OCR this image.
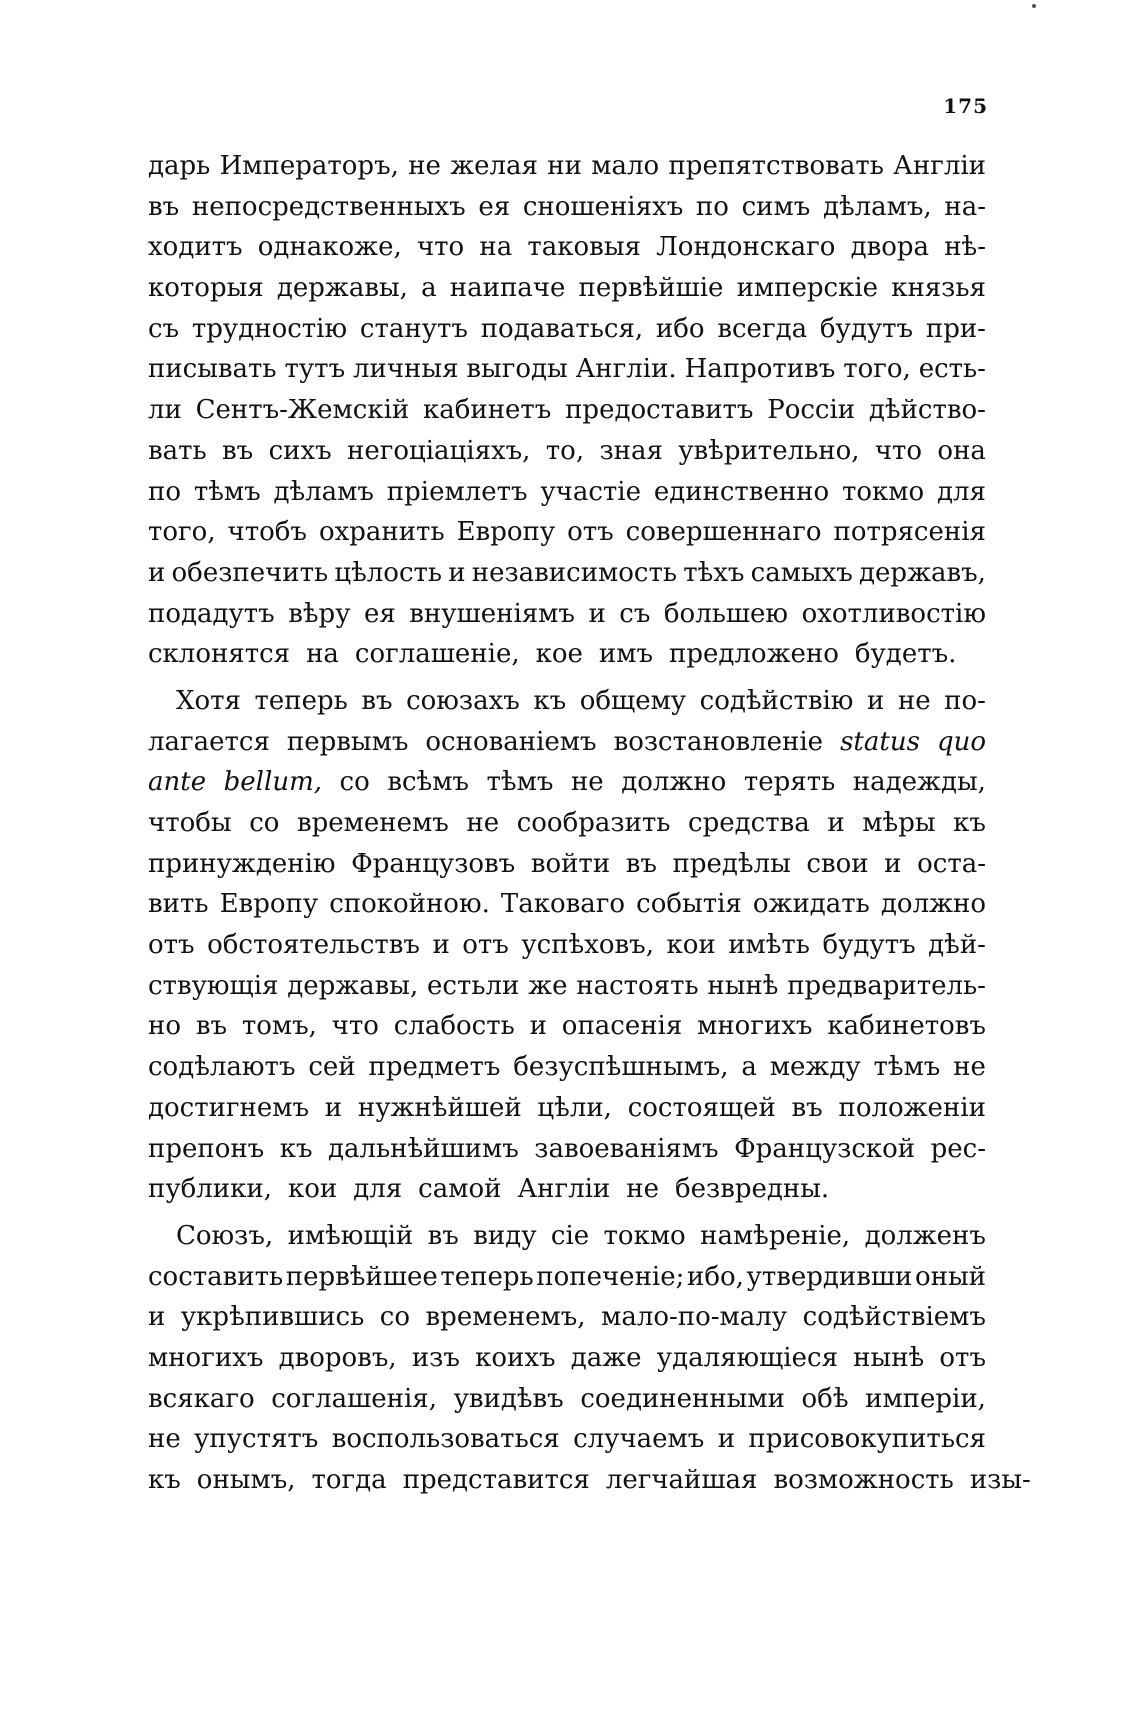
175
дарь Императоръ, не желая ни мало препятствовать Англіи
въ непосредственныхъ ея сношеніяхъ по симъ дѣламъ, на-
ходитъ однакоже, что на таковыя Лондонскаго двора нѣ-
которыя державы, а наипаче первѣйшіе имперскіе князья
съ трудностію станутъ подаваться, ибо всегда будутъ при-
писывать тутъ личныя выгоды Англіи. Напротивъ того, есть-
ли Сентъ-Жемскій кабинетъ предоставитъ Россіи дѣйство-
вать въ сихъ негоціаціяхъ, то, зная увѣрительно, что она
по тѣмъ дѣламъ пріемлетъ участіе единственно токмо для
того, чтобъ охранить Европу отъ совершеннаго потрясенія
и обезпечить цѣлость и независимость тѣхъ самыхъ державъ,
подадутъ вѣру ея внушеніямъ и съ большею охотливостію
склонятся на соглашеніе, кое имъ предложено будетъ.
Хотя теперь въ союзахъ къ общему содѣйствію и не по-
лагается первымъ основаніемъ возстановленіе status quo
ante bellum, со всѣмъ тѣмъ не должно терять надежды,
чтобы со временемъ не сообразить средства и мѣры къ
принужденію Французовъ войти въ предѣлы свои и оста-
вить Европу спокойною. Таковаго событія ожидать должно
отъ обстоятельствъ и отъ успѣховъ, кои имѣть будутъ дѣй-
ствующія державы, естьли же настоять нынѣ предваритель-
но въ томъ, что слабость и опасенія многихъ кабинетовъ
содѣлаютъ сей предметъ безуспѣшнымъ, а между тѣмъ не
достигнемъ и нужнѣйшей цѣли, состоящей въ положеніи
препонъ къ дальнѣйшимъ завоеваніямъ Французской рес-
публики, кои для самой Англіи не безвредны.
Союзъ, имѣющій въ виду сіе токмо намѣреніе, долженъ
составить первѣйшее теперь попеченіе; ибо, утвердивши оный
и укрѣпившись со временемъ, мало-по-малу содѣйствіемъ
многихъ дворовъ, изъ коихъ даже удаляющіеся нынѣ отъ
всякаго соглашенія, увидѣвъ соединенными обѣ имперіи,
не упустятъ воспользоваться случаемъ и присовокупиться
къ онымъ, тогда представится легчайшая возможность изы-
